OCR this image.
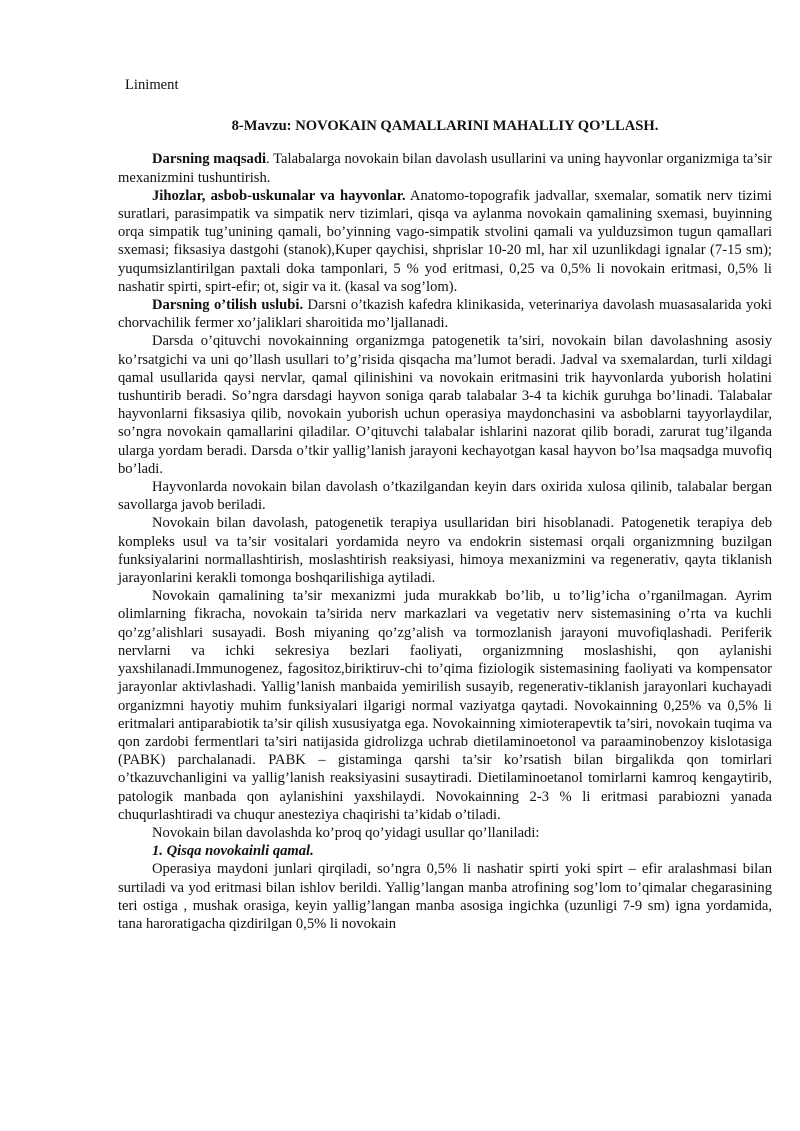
Liniment
8-Mavzu: NOVOKAIN QAMALLARINI MAHALLIY QO’LLASH.

Darsning maqsadi. Talabalarga novokain bilan davolash usullarini va uning hayvonlar organizmiga ta’sir mexanizmini tushuntirish.

Jihozlar, asbob-uskunalar va hayvonlar. Anatomo-topografik jadvallar, sxemalar, somatik nerv tizimi suratlari, parasimpatik va simpatik nerv tizimlari, qisqa va aylanma novokain qamalining sxemasi, buyinning orqa simpatik tug’unining qamali, bo’yinning vago-simpatik stvolini qamali va yulduzsimon tugun qamallari sxemasi; fiksasiya dastgohi (stanok),Kuper qaychisi, shprislar 10-20 ml, har xil uzunlikdagi ignalar (7-15 sm); yuqumsizlantirilgan paxtali doka tamponlari, 5 % yod eritmasi, 0,25 va 0,5% li novokain eritmasi, 0,5% li nashatir spirti, spirt-efir; ot, sigir va it. (kasal va sog’lom).

Darsning o’tilish uslubi. Darsni o’tkazish kafedra klinikasida, veterinariya davolash muasasalarida yoki chorvachilik fermer xo’jaliklari sharoitida mo’ljallanadi.

Darsda o’qituvchi novokainning organizmga patogenetik ta’siri, novokain bilan davolashning asosiy ko’rsatgichi va uni qo’llash usullari to’g’risida qisqacha ma’lumot beradi. Jadval va sxemalardan, turli xildagi qamal usullarida qaysi nervlar, qamal qilinishini va novokain eritmasini trik hayvonlarda yuborish holatini tushuntirib beradi. So’ngra darsdagi hayvon soniga qarab talabalar 3-4 ta kichik guruhga bo’linadi. Talabalar hayvonlarni fiksasiya qilib, novokain yuborish uchun operasiya maydonchasini va asboblarni tayyorlaydilar, so’ngra novokain qamallarini qiladilar. O’qituvchi talabalar ishlarini nazorat qilib boradi, zarurat tug’ilganda ularga yordam beradi. Darsda o’tkir yallig’lanish jarayoni kechayotgan kasal hayvon bo’lsa maqsadga muvofiq bo’ladi.

Hayvonlarda novokain bilan davolash o’tkazilgandan keyin dars oxirida xulosa qilinib, talabalar bergan savollarga javob beriladi.

Novokain bilan davolash, patogenetik terapiya usullaridan biri hisoblanadi. Patogenetik terapiya deb kompleks usul va ta’sir vositalari yordamida neyro va endokrin sistemasi orqali organizmning buzilgan funksiyalarini normallashtirish, moslashtirish reaksiyasi, himoya mexanizmini va regenerativ, qayta tiklanish jarayonlarini kerakli tomonga boshqarilishiga aytiladi.

Novokain qamalining ta’sir mexanizmi juda murakkab bo’lib, u to’lig’icha o’rganilmagan. Ayrim olimlarning fikracha, novokain ta’sirida nerv markazlari va vegetativ nerv sistemasining o’rta va kuchli qo’zg’alishlari susayadi. Bosh miyaning qo’zg’alish va tormozlanish jarayoni muvofiqlashadi. Periferik nervlarni va ichki sekresiya bezlari faoliyati, organizmning moslashishi, qon aylanishi yaxshilanadi.Immunogenez, fagositoz,biriktiruv-chi to’qima fiziologik sistemasining faoliyati va kompensator jarayonlar aktivlashadi. Yallig’lanish manbaida yemirilish susayib, regenerativ-tiklanish jarayonlari kuchayadi organizmni hayotiy muhim funksiyalari ilgarigi normal vaziyatga qaytadi. Novokainning 0,25% va 0,5% li eritmalari antiparabiotik ta’sir qilish xususiyatga ega. Novokainning ximioterapevtik ta’siri, novokain tuqima va qon zardobi fermentlari ta’siri natijasida gidrolizga uchrab dietilaminoetonol va paraaminobenzoy kislotasiga (PABK) parchalanadi. PABK – gistaminga qarshi ta’sir ko’rsatish bilan birgalikda qon tomirlari o’tkazuvchanligini va yallig’lanish reaksiyasini susaytiradi. Dietilaminoetanol tomirlarni kamroq kengaytirib, patologik manbada qon aylanishini yaxshilaydi. Novokainning 2-3 % li eritmasi parabiozni yanada chuqurlashtiradi va chuqur anesteziya chaqirishi ta’kidab o’tiladi.

Novokain bilan davolashda ko’proq qo’yidagi usullar qo’llaniladi:

1. Qisqa novokainli qamal.

Operasiya maydoni junlari qirqiladi, so’ngra 0,5% li nashatir spirti yoki spirt – efir aralashmasi bilan surtiladi va yod eritmasi bilan ishlov berildi. Yallig’langan manba atrofining sog’lom to’qimalar chegarasining teri ostiga , mushak orasiga, keyin yallig’langan manba asosiga ingichka (uzunligi 7-9 sm) igna yordamida, tana haroratigacha qizdirilgan 0,5% li novokain
